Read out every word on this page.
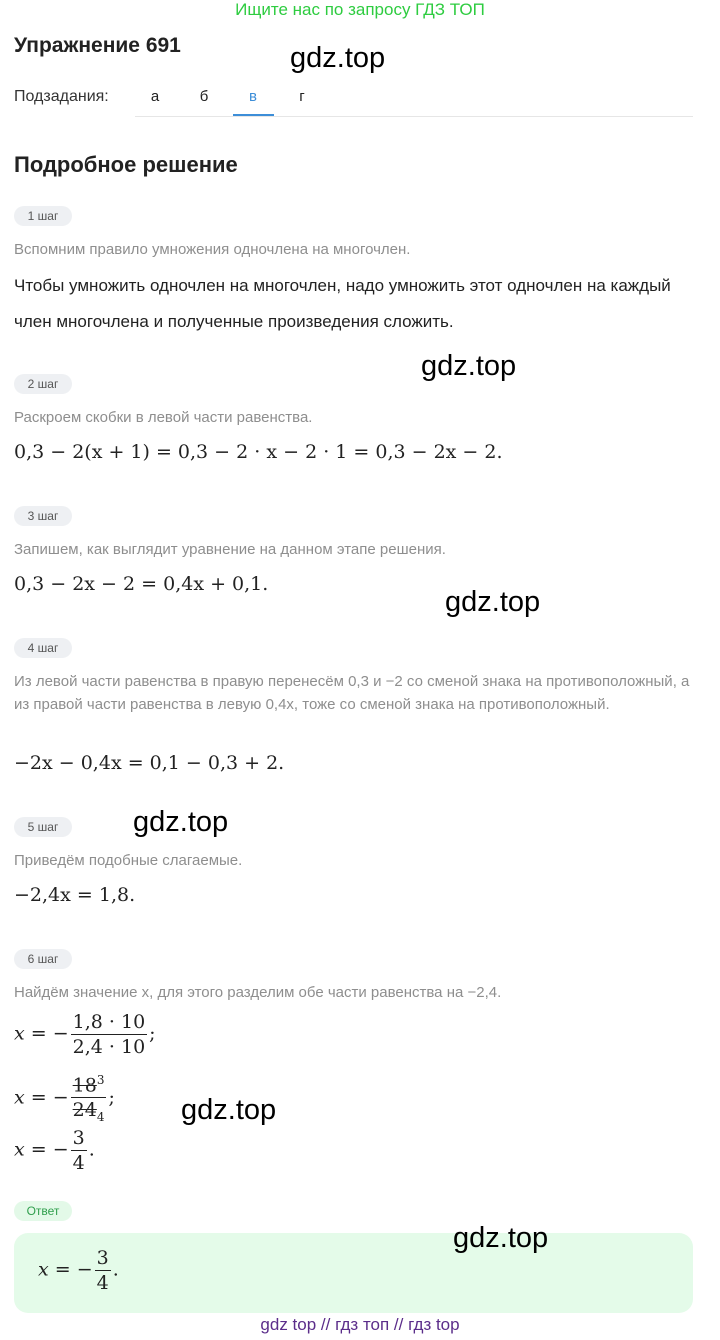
Ищите нас по запросу ГДЗ ТОП
Упражнение 691	gdz.top
Подзадания:	а	б	в	г
Подробное решение
1 шаг
Вспомним правило умножения одночлена на многочлен.
Чтобы умножить одночлен на многочлен, надо умножить этот одночлен на каждый член многочлена и полученные произведения сложить.
gdz.top
2 шаг
Раскроем скобки в левой части равенства.
0,3 − 2(x + 1) = 0,3 − 2 · x − 2 · 1 = 0,3 − 2x − 2.
3 шаг
Запишем, как выглядит уравнение на данном этапе решения.
0,3 − 2x − 2 = 0,4x + 0,1.
gdz.top
4 шаг
Из левой части равенства в правую перенесём 0,3 и −2 со сменой знака на противоположный, а из правой части равенства в левую 0,4x, тоже со сменой знака на противоположный.
−2x − 0,4x = 0,1 − 0,3 + 2.
5 шаг	gdz.top
Приведём подобные слагаемые.
−2,4x = 1,8.
6 шаг
Найдём значение x, для этого разделим обе части равенства на −2,4.
x = − $\frac{1,8 \cdot 10}{2,4 \cdot 10}$ ;
x = − $\frac{18^3}{24_4}$ ; gdz.top
x = − $\frac{3}{4}$ .
Ответ
gdz.top
x = − $\frac{3}{4}$ .
gdz top // гдз топ // гдз top
